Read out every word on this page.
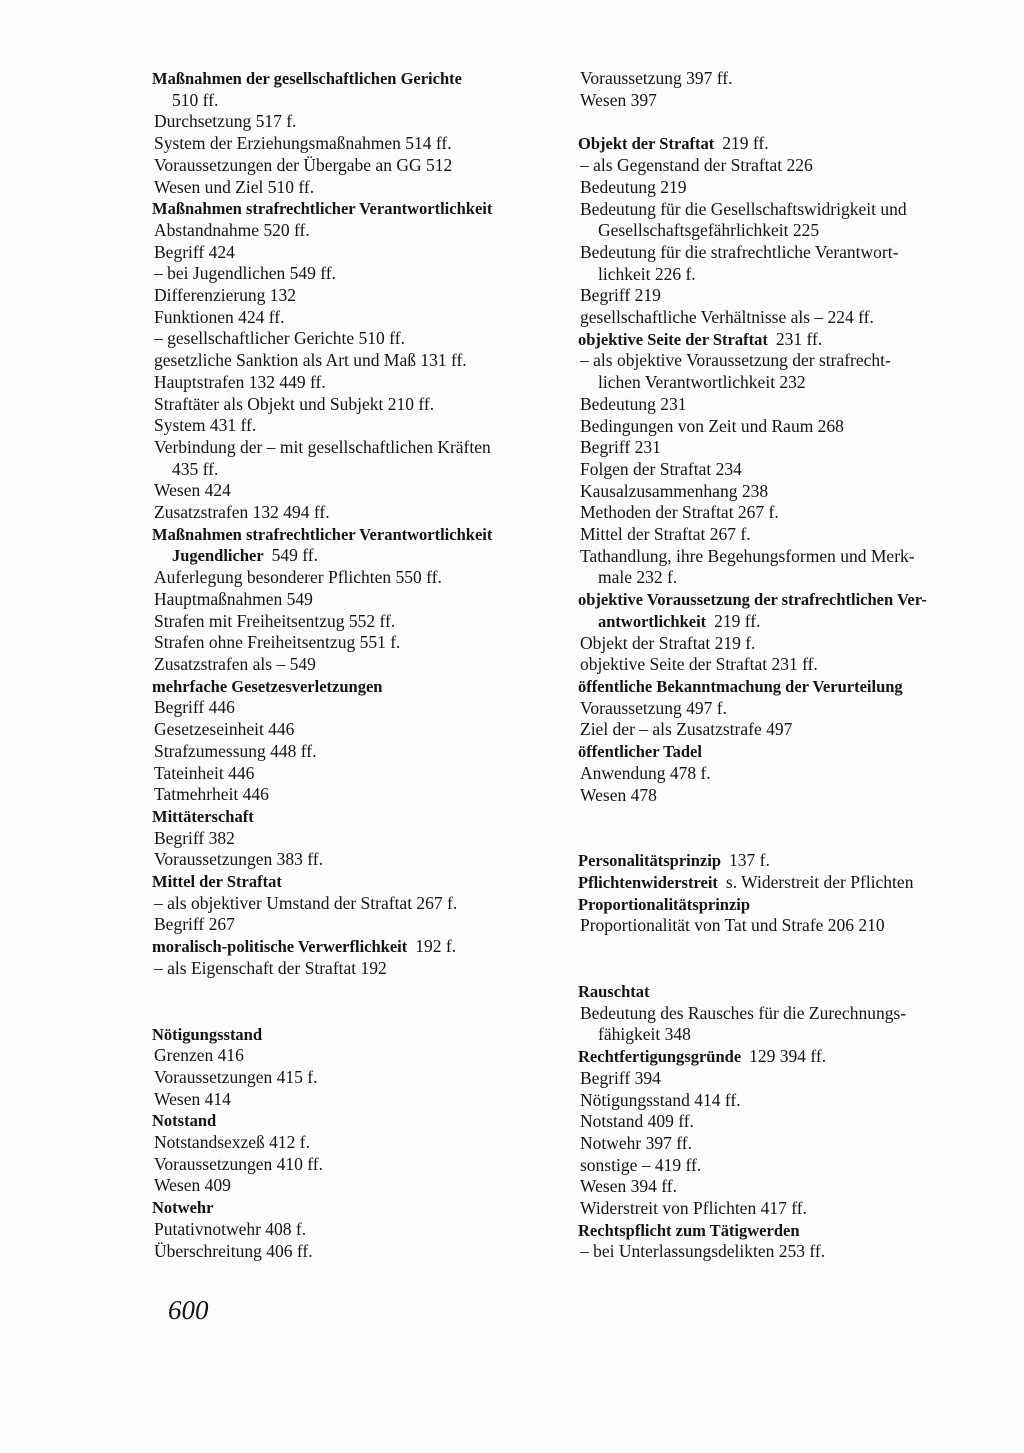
Maßnahmen der gesellschaftlichen Gerichte
510 ff.
Durchsetzung 517 f.
System der Erziehungsmaßnahmen 514 ff.
Voraussetzungen der Übergabe an GG 512
Wesen und Ziel 510 ff.
Maßnahmen strafrechtlicher Verantwortlichkeit
Abstandnahme 520 ff.
Begriff 424
– bei Jugendlichen 549 ff.
Differenzierung 132
Funktionen 424 ff.
– gesellschaftlicher Gerichte 510 ff.
gesetzliche Sanktion als Art und Maß 131 ff.
Hauptstrafen 132 449 ff.
Straftäter als Objekt und Subjekt 210 ff.
System 431 ff.
Verbindung der – mit gesellschaftlichen Kräften
435 ff.
Wesen 424
Zusatzstrafen 132 494 ff.
Maßnahmen strafrechtlicher Verantwortlichkeit
Jugendlicher 549 ff.
Auferlegung besonderer Pflichten 550 ff.
Hauptmaßnahmen 549
Strafen mit Freiheitsentzug 552 ff.
Strafen ohne Freiheitsentzug 551 f.
Zusatzstrafen als – 549
mehrfache Gesetzesverletzungen
Begriff 446
Gesetzeseinheit 446
Strafzumessung 448 ff.
Tateinheit 446
Tatmehrheit 446
Mittäterschaft
Begriff 382
Voraussetzungen 383 ff.
Mittel der Straftat
– als objektiver Umstand der Straftat 267 f.
Begriff 267
moralisch-politische Verwerflichkeit 192 f.
– als Eigenschaft der Straftat 192
Nötigungsstand
Grenzen 416
Voraussetzungen 415 f.
Wesen 414
Notstand
Notstandsexzeß 412 f.
Voraussetzungen 410 ff.
Wesen 409
Notwehr
Putativnotwehr 408 f.
Überschreitung 406 ff.
Voraussetzung 397 ff.
Wesen 397
Objekt der Straftat 219 ff.
– als Gegenstand der Straftat 226
Bedeutung 219
Bedeutung für die Gesellschaftswidrigkeit und
Gesellschaftsgefährlichkeit 225
Bedeutung für die strafrechtliche Verantwort-
lichkeit 226 f.
Begriff 219
gesellschaftliche Verhältnisse als – 224 ff.
objektive Seite der Straftat 231 ff.
– als objektive Voraussetzung der strafrecht-
lichen Verantwortlichkeit 232
Bedeutung 231
Bedingungen von Zeit und Raum 268
Begriff 231
Folgen der Straftat 234
Kausalzusammenhang 238
Methoden der Straftat 267 f.
Mittel der Straftat 267 f.
Tathandlung, ihre Begehungsformen und Merk-
male 232 f.
objektive Voraussetzung der strafrechtlichen Ver-
antwortlichkeit 219 ff.
Objekt der Straftat 219 f.
objektive Seite der Straftat 231 ff.
öffentliche Bekanntmachung der Verurteilung
Voraussetzung 497 f.
Ziel der – als Zusatzstrafe 497
öffentlicher Tadel
Anwendung 478 f.
Wesen 478
Personalitätsprinzip 137 f.
Pflichtenwiderstreit s. Widerstreit der Pflichten
Proportionalitätsprinzip
Proportionalität von Tat und Strafe 206 210
Rauschtat
Bedeutung des Rausches für die Zurechnungs-
fähigkeit 348
Rechtfertigungsgründe 129 394 ff.
Begriff 394
Nötigungsstand 414 ff.
Notstand 409 ff.
Notwehr 397 ff.
sonstige – 419 ff.
Wesen 394 ff.
Widerstreit von Pflichten 417 ff.
Rechtspflicht zum Tätigwerden
– bei Unterlassungsdelikten 253 ff.
600
